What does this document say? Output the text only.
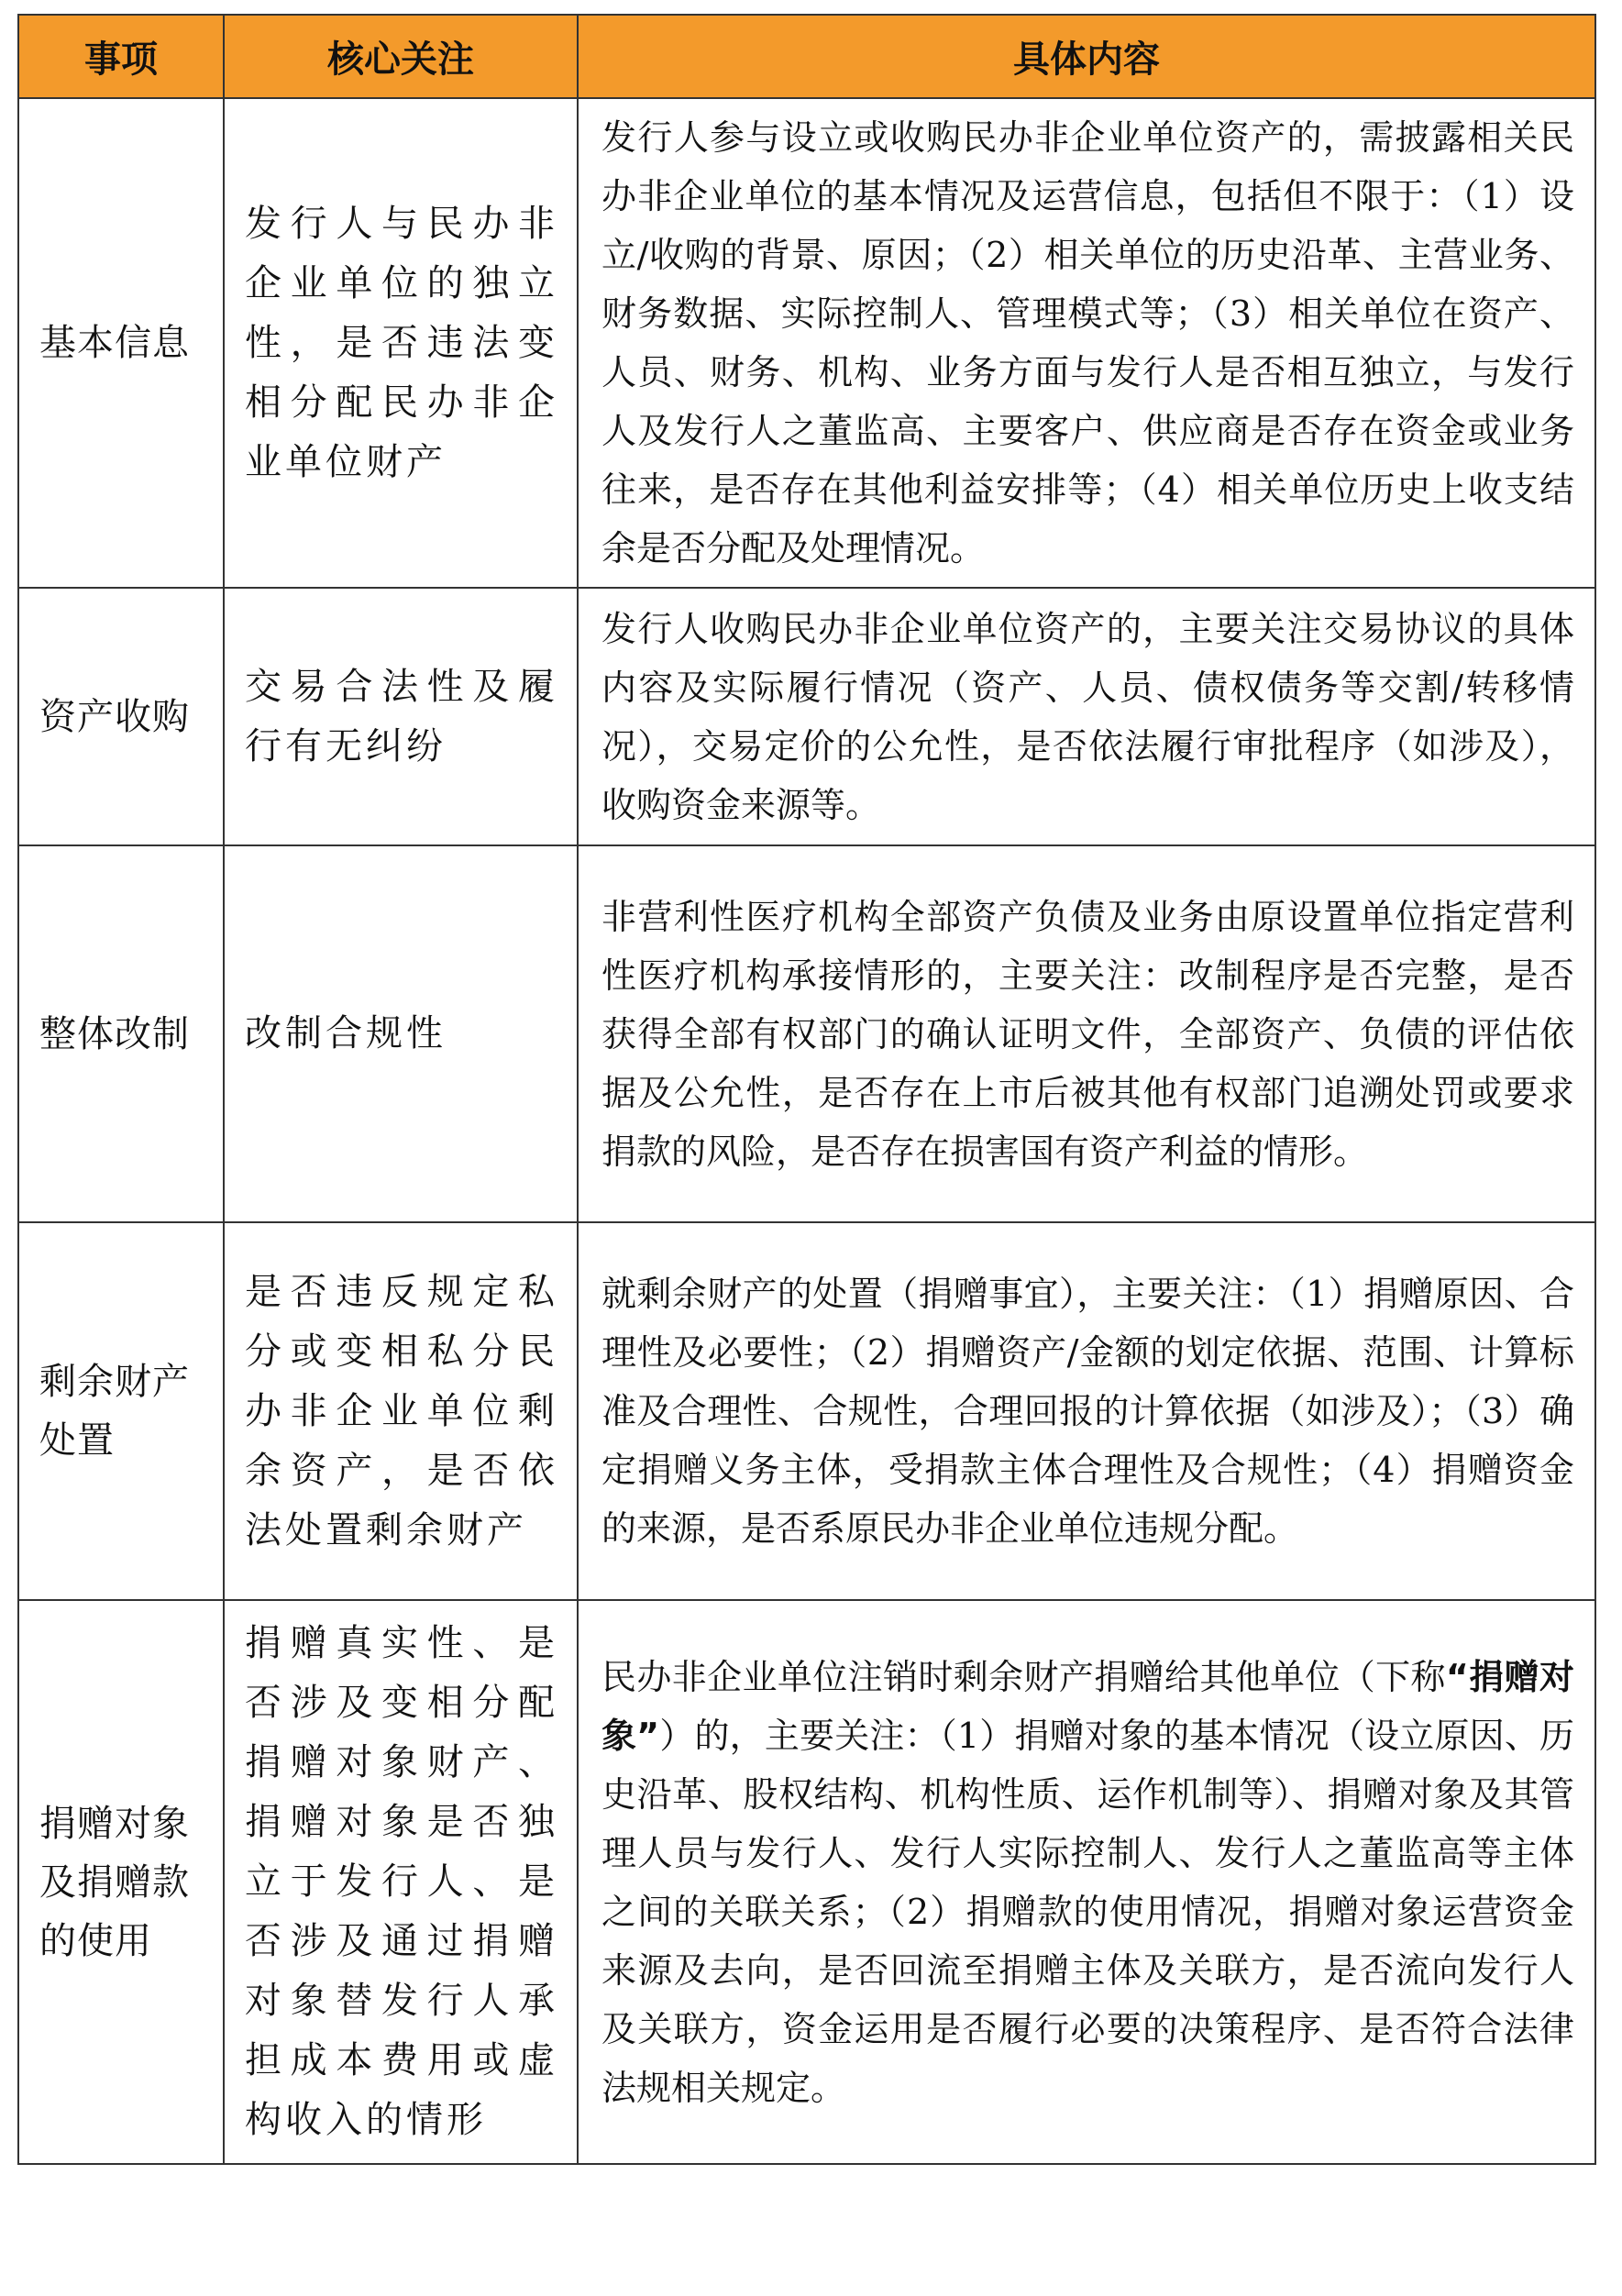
事项	核心关注	具体内容
基本信息	发行人与民办非企业单位的独立性，是否违法变相分配民办非企业单位财产	发行人参与设立或收购民办非企业单位资产的，需披露相关民办非企业单位的基本情况及运营信息，包括但不限于：（1）设立/收购的背景、原因；（2）相关单位的历史沿革、主营业务、财务数据、实际控制人、管理模式等；（3）相关单位在资产、人员、财务、机构、业务方面与发行人是否相互独立，与发行人及发行人之董监高、主要客户、供应商是否存在资金或业务往来，是否存在其他利益安排等；（4）相关单位历史上收支结余是否分配及处理情况。
资产收购	交易合法性及履行有无纠纷	发行人收购民办非企业单位资产的，主要关注交易协议的具体内容及实际履行情况（资产、人员、债权债务等交割/转移情况），交易定价的公允性，是否依法履行审批程序（如涉及），收购资金来源等。
整体改制	改制合规性	非营利性医疗机构全部资产负债及业务由原设置单位指定营利性医疗机构承接情形的，主要关注：改制程序是否完整，是否获得全部有权部门的确认证明文件，全部资产、负债的评估依据及公允性，是否存在上市后被其他有权部门追溯处罚或要求捐款的风险，是否存在损害国有资产利益的情形。
剩余财产处置	是否违反规定私分或变相私分民办非企业单位剩余资产，是否依法处置剩余财产	就剩余财产的处置（捐赠事宜），主要关注：（1）捐赠原因、合理性及必要性；（2）捐赠资产/金额的划定依据、范围、计算标准及合理性、合规性，合理回报的计算依据（如涉及）；（3）确定捐赠义务主体，受捐款主体合理性及合规性；（4）捐赠资金的来源，是否系原民办非企业单位违规分配。
捐赠对象及捐赠款的使用	捐赠真实性、是否涉及变相分配捐赠对象财产、捐赠对象是否独立于发行人、是否涉及通过捐赠对象替发行人承担成本费用或虚构收入的情形	民办非企业单位注销时剩余财产捐赠给其他单位（下称“捐赠对象”）的，主要关注：（1）捐赠对象的基本情况（设立原因、历史沿革、股权结构、机构性质、运作机制等）、捐赠对象及其管理人员与发行人、发行人实际控制人、发行人之董监高等主体之间的关联关系；（2）捐赠款的使用情况，捐赠对象运营资金来源及去向，是否回流至捐赠主体及关联方，是否流向发行人及关联方，资金运用是否履行必要的决策程序、是否符合法律法规相关规定。
